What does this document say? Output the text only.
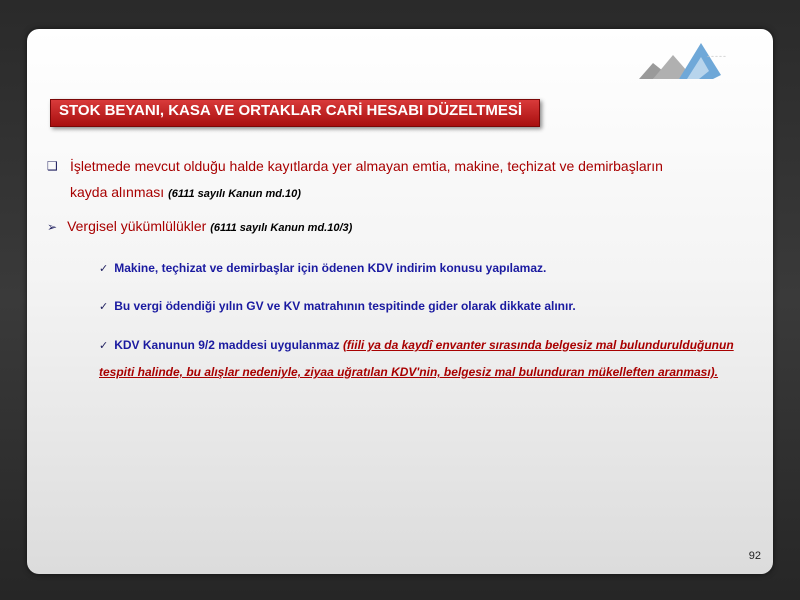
-----
STOK BEYANI, KASA VE ORTAKLAR CARİ HESABI DÜZELTMESİ
❑ İşletmede mevcut olduğu halde kayıtlarda yer almayan emtia, makine, teçhizat ve demirbaşların kayda alınması (6111 sayılı Kanun md.10)
➢ Vergisel yükümlülükler (6111 sayılı Kanun md.10/3)
✓ Makine, teçhizat ve demirbaşlar için ödenen KDV indirim konusu yapılamaz.
✓ Bu vergi ödendiği yılın GV ve KV matrahının tespitinde gider olarak dikkate alınır.
✓ KDV Kanunun 9/2 maddesi uygulanmaz (fiili ya da kaydî envanter sırasında belgesiz mal bulundurulduğunun tespiti halinde, bu alışlar nedeniyle, ziyaa uğratılan KDV'nin, belgesiz mal bulunduran mükelleften aranması).
92
